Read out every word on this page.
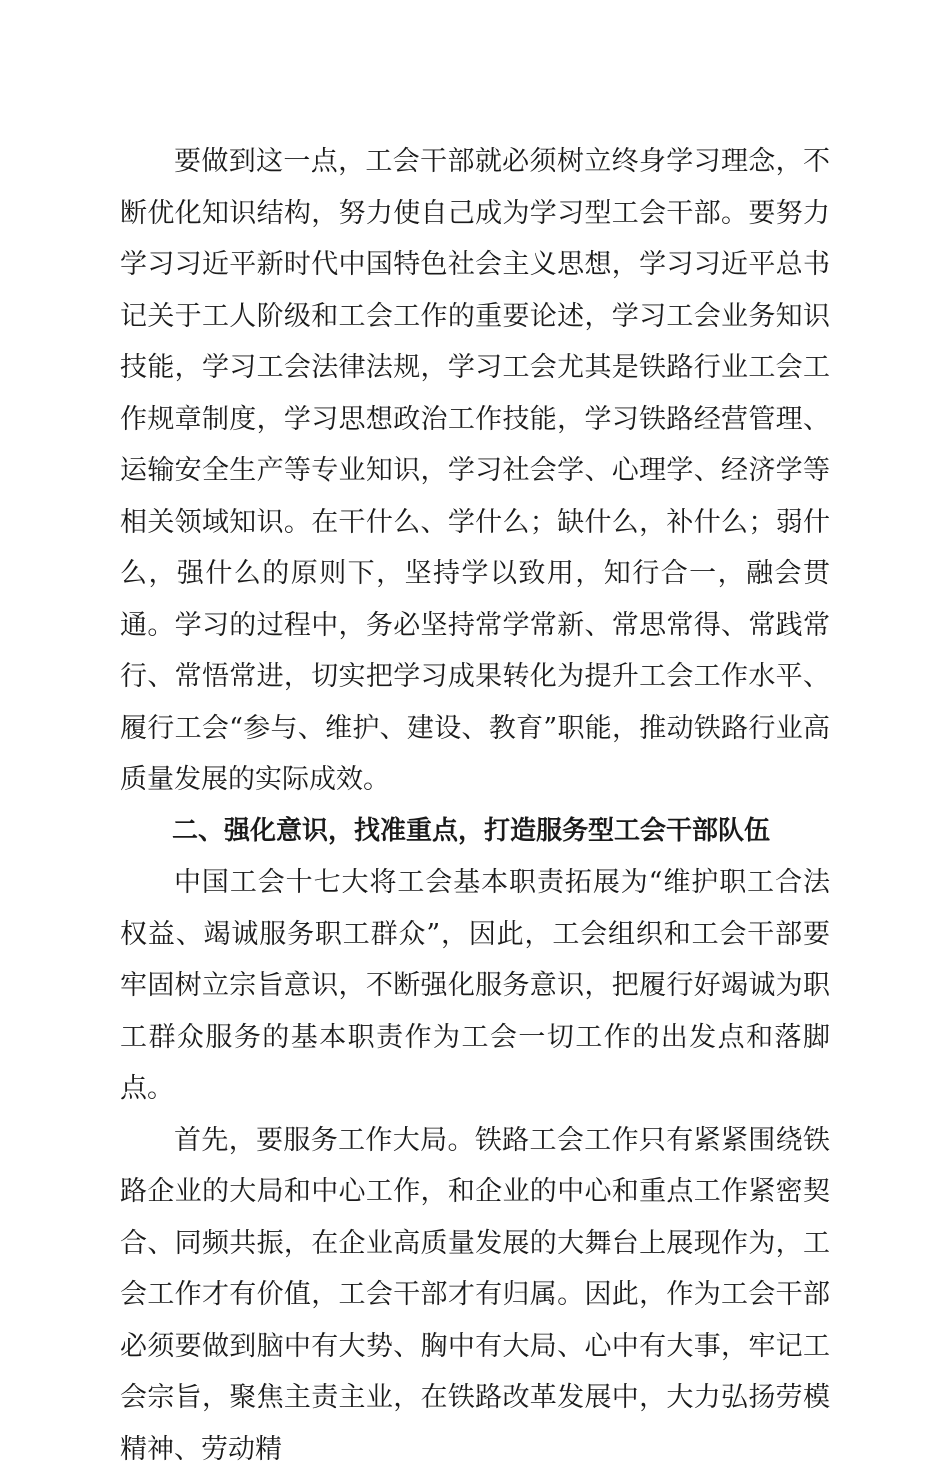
要做到这一点，工会干部就必须树立终身学习理念，不断优化知识结构，努力使自己成为学习型工会干部。要努力学习习近平新时代中国特色社会主义思想，学习习近平总书记关于工人阶级和工会工作的重要论述，学习工会业务知识技能，学习工会法律法规，学习工会尤其是铁路行业工会工作规章制度，学习思想政治工作技能，学习铁路经营管理、运输安全生产等专业知识，学习社会学、心理学、经济学等相关领域知识。在干什么、学什么；缺什么，补什么；弱什么，强什么的原则下，坚持学以致用，知行合一，融会贯通。学习的过程中，务必坚持常学常新、常思常得、常践常行、常悟常进，切实把学习成果转化为提升工会工作水平、履行工会“参与、维护、建设、教育”职能，推动铁路行业高质量发展的实际成效。

二、强化意识，找准重点，打造服务型工会干部队伍

中国工会十七大将工会基本职责拓展为“维护职工合法权益、竭诚服务职工群众”，因此，工会组织和工会干部要牢固树立宗旨意识，不断强化服务意识，把履行好竭诚为职工群众服务的基本职责作为工会一切工作的出发点和落脚点。

首先，要服务工作大局。铁路工会工作只有紧紧围绕铁路企业的大局和中心工作，和企业的中心和重点工作紧密契合、同频共振，在企业高质量发展的大舞台上展现作为，工会工作才有价值，工会干部才有归属。因此，作为工会干部必须要做到脑中有大势、胸中有大局、心中有大事，牢记工会宗旨，聚焦主责主业，在铁路改革发展中，大力弘扬劳模精神、劳动精
